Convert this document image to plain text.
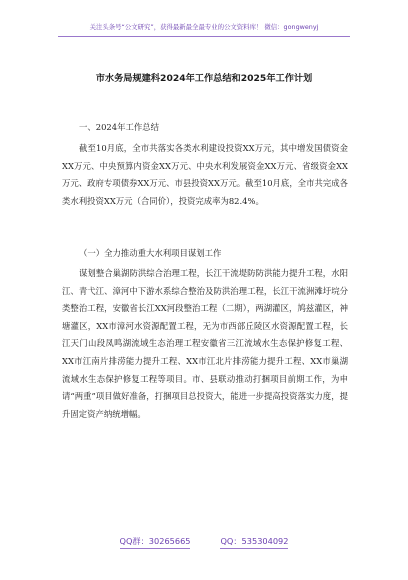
关注头条号“公文研究”，获得最新最全最专业的公文资料库！ 微信：gongwenyj
市水务局规建科2024年工作总结和2025年工作计划
一、2024年工作总结
截至10月底，全市共落实各类水利建设投资XX万元，其中增发国债资金XX万元、中央预算内资金XX万元、中央水利发展资金XX万元、省级资金XX万元、政府专项债券XX万元、市县投资XX万元。截至10月底，全市共完成各类水利投资XX万元（合同价），投资完成率为82.4%。
（一）全力推动重大水利项目谋划工作
谋划整合巢湖防洪综合治理工程，长江干流堤防防洪能力提升工程，水阳江、青弋江、漳河中下游水系综合整治及防洪治理工程，长江干流洲滩圩垸分类整治工程，安徽省长江XX河段整治工程（二期），两湖灌区，鸠兹灌区，神塘灌区，XX市漳河水资源配置工程，无为市西部丘陵区水资源配置工程，长江天门山段凤鸣湖流域生态治理工程安徽省三江流域水生态保护修复工程、XX市江南片排涝能力提升工程、XX市江北片排涝能力提升工程、XX市巢湖流域水生态保护修复工程等项目。市、县联动推动打捆项目前期工作，为申请“两重”项目做好准备，打捆项目总投资大，能进一步提高投资落实力度，提升固定资产纳统增幅。
QQ群：30265665	QQ：535304092
